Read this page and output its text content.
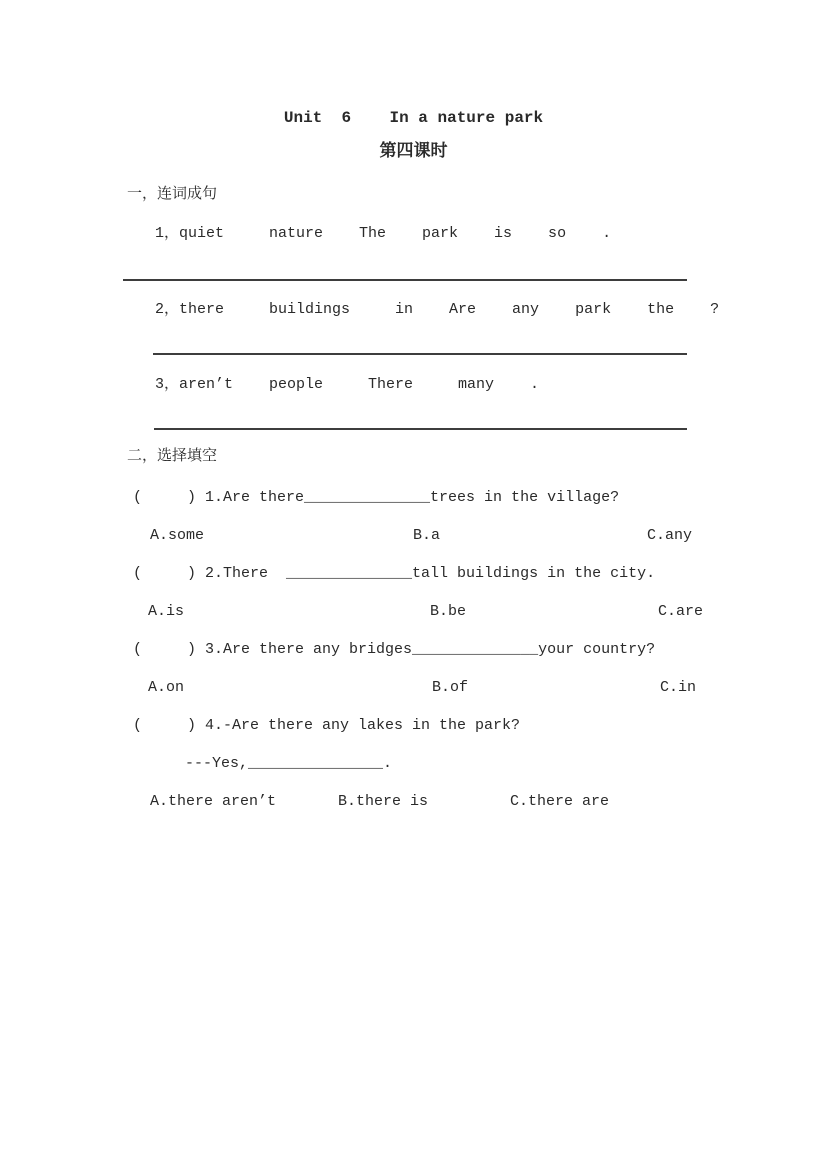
Unit  6    In a nature park
第四课时
一，连词成句
1，quiet     nature    The    park    is    so    .
2，there     buildings     in    Are    any    park    the    ?
3，aren’t    people     There     many    .
二，选择填空
(     ) 1.Are there______________trees in the village?
A.some	B.a	C.any
(     ) 2.There  ______________tall buildings in the city.
A.is	B.be	C.are
(     ) 3.Are there any bridges______________your country?
A.on	B.of	C.in
(     ) 4.-Are there any lakes in the park?
---Yes,_______________.
A.there aren’t	B.there is	C.there are
